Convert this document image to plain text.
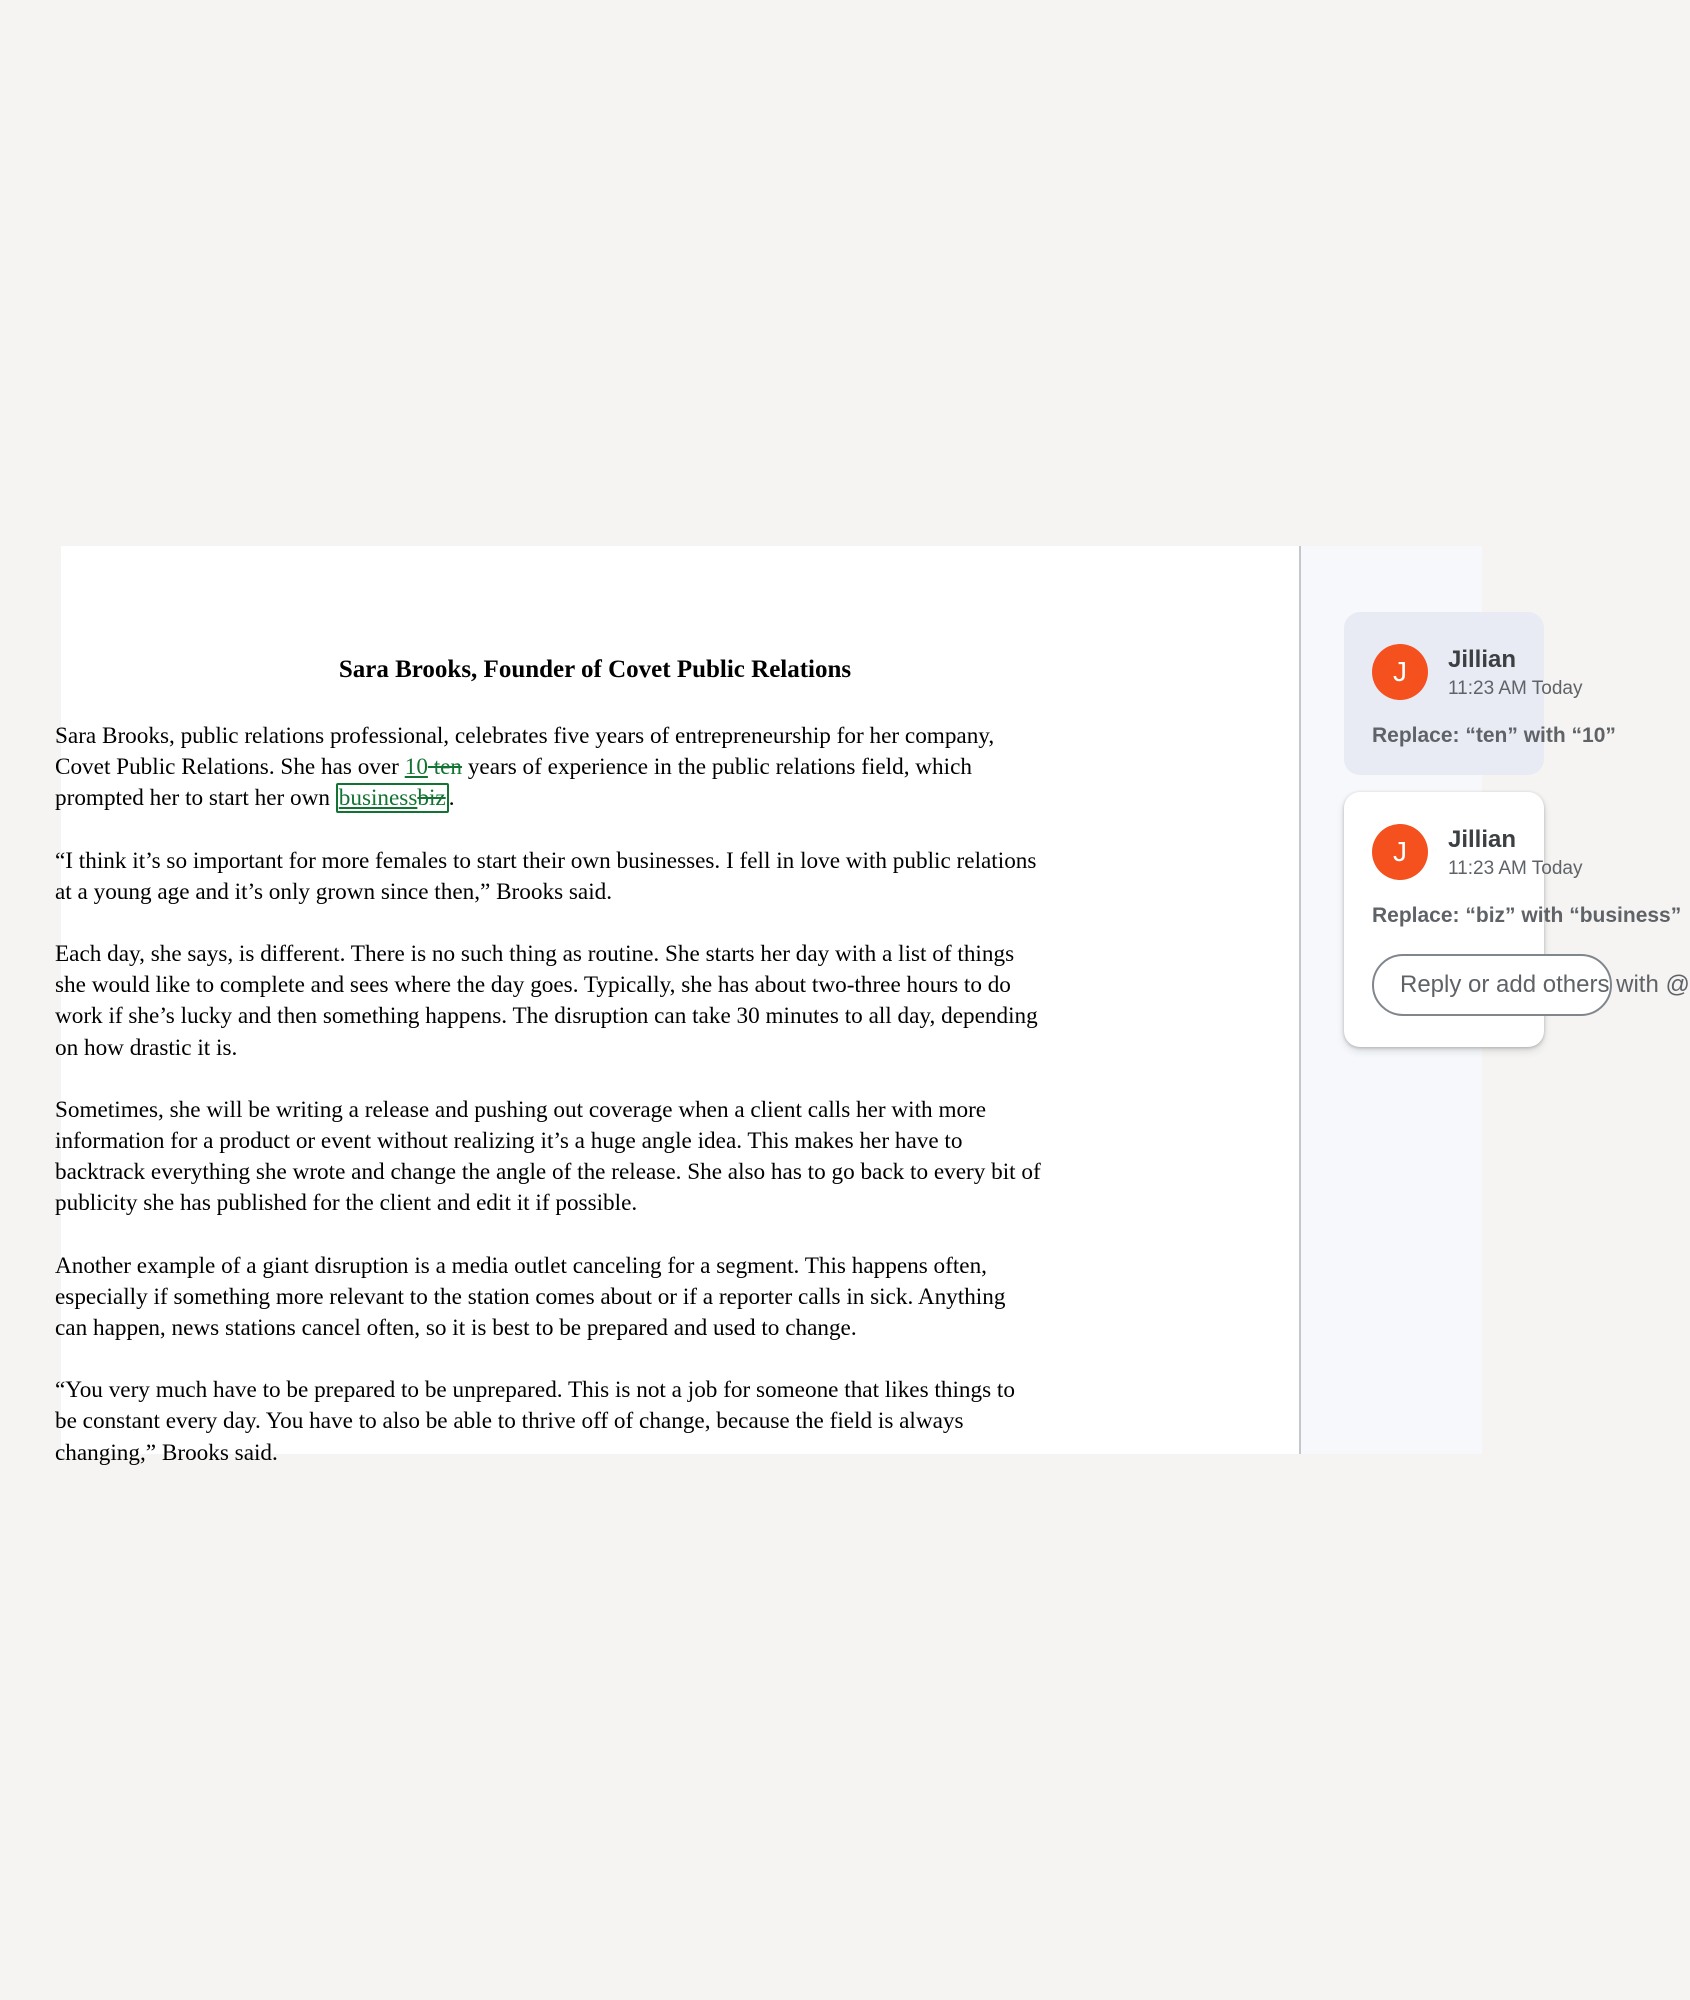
Sara Brooks, Founder of Covet Public Relations

Sara Brooks, public relations professional, celebrates five years of entrepreneurship for her company,
Covet Public Relations. She has over 10 ten years of experience in the public relations field, which
prompted her to start her own businessbiz .

“I think it’s so important for more females to start their own businesses. I fell in love with public relations
at a young age and it’s only grown since then,” Brooks said.

Each day, she says, is different. There is no such thing as routine. She starts her day with a list of things
she would like to complete and sees where the day goes. Typically, she has about two-three hours to do
work if she’s lucky and then something happens. The disruption can take 30 minutes to all day, depending
on how drastic it is.

Sometimes, she will be writing a release and pushing out coverage when a client calls her with more
information for a product or event without realizing it’s a huge angle idea. This makes her have to
backtrack everything she wrote and change the angle of the release. She also has to go back to every bit of
publicity she has published for the client and edit it if possible.

Another example of a giant disruption is a media outlet canceling for a segment. This happens often,
especially if something more relevant to the station comes about or if a reporter calls in sick. Anything
can happen, news stations cancel often, so it is best to be prepared and used to change.

“You very much have to be prepared to be unprepared. This is not a job for someone that likes things to
be constant every day. You have to also be able to thrive off of change, because the field is always
changing,” Brooks said.

J	Jillian
11:23 AM Today
Replace: “ten” with “10”
J	Jillian
11:23 AM Today
Replace: “biz” with “business”
Reply or add others with @
